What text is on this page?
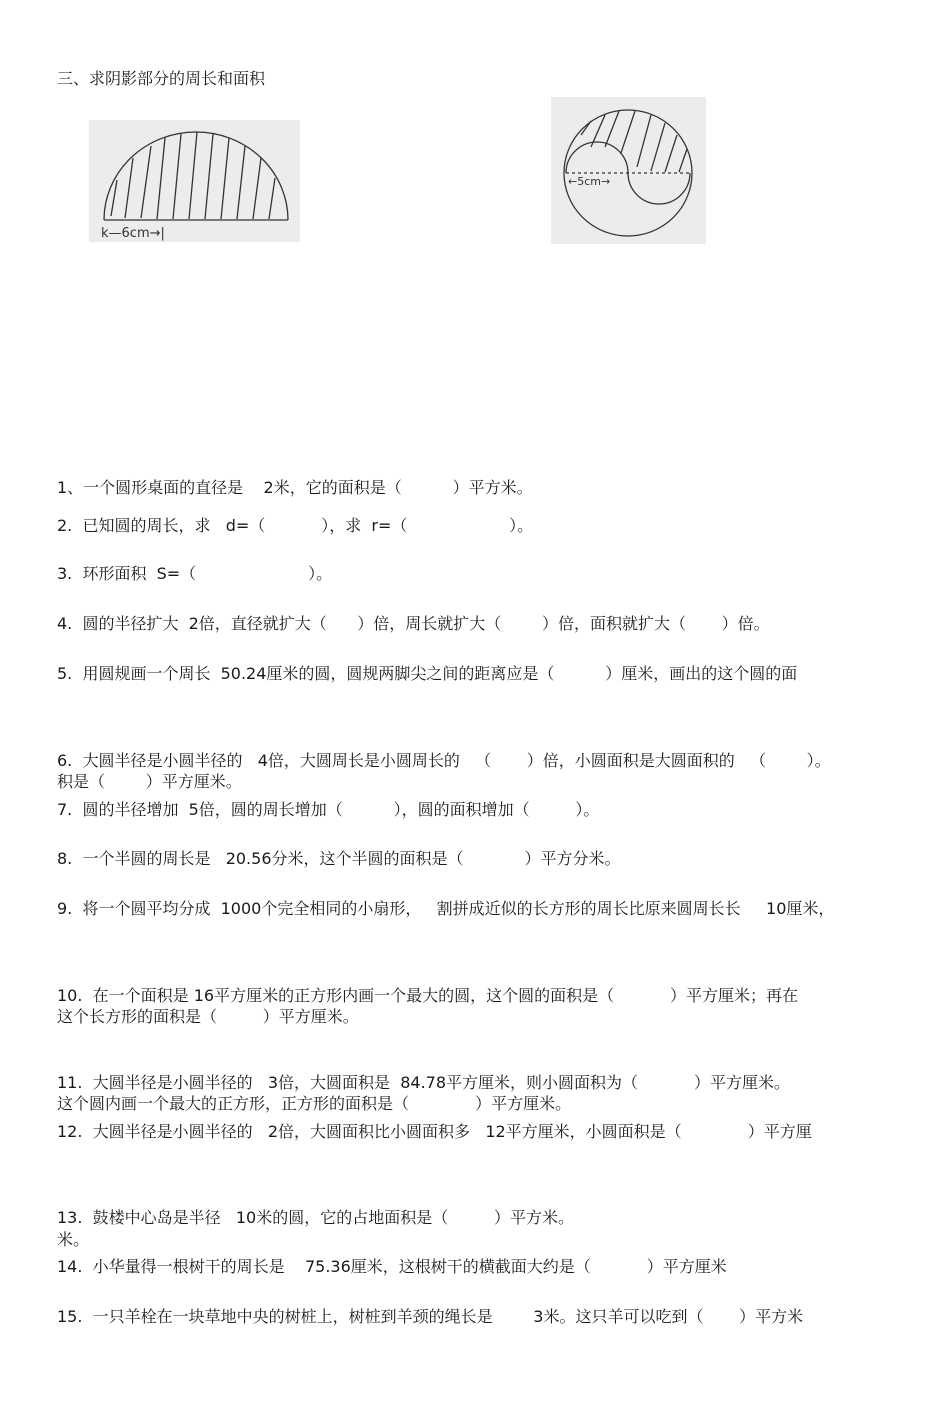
三、求阴影部分的周长和面积
k—6cm→|
←5cm→

1、一个圆形桌面的直径是    2米，它的面积是（          ）平方米。

2.  已知圆的周长，求   d=（           ），求  r=（                    ）。

3.  环形面积  S=（                      ）。

4.  圆的半径扩大  2倍，直径就扩大（      ）倍，周长就扩大（        ）倍，面积就扩大（       ）倍。

5.  用圆规画一个周长  50.24厘米的圆，圆规两脚尖之间的距离应是（          ）厘米，画出的这个圆的面

积是（        ）平方厘米。

6.  大圆半径是小圆半径的   4倍，大圆周长是小圆周长的   （       ）倍，小圆面积是大圆面积的   （        ）。

7.  圆的半径增加  5倍，圆的周长增加（          ），圆的面积增加（         ）。

8.  一个半圆的周长是   20.56分米，这个半圆的面积是（            ）平方分米。

9.  将一个圆平均分成  1000个完全相同的小扇形，   割拼成近似的长方形的周长比原来圆周长长     10厘米，

这个长方形的面积是（         ）平方厘米。

10.  在一个面积是 16平方厘米的正方形内画一个最大的圆，这个圆的面积是（           ）平方厘米；再在

这个圆内画一个最大的正方形，正方形的面积是（             ）平方厘米。

11.  大圆半径是小圆半径的   3倍，大圆面积是  84.78平方厘米，则小圆面积为（           ）平方厘米。

12.  大圆半径是小圆半径的   2倍，大圆面积比小圆面积多   12平方厘米，小圆面积是（             ）平方厘

米。

13.  鼓楼中心岛是半径   10米的圆，它的占地面积是（         ）平方米。

14.  小华量得一根树干的周长是    75.36厘米，这根树干的横截面大约是（           ）平方厘米

15.  一只羊栓在一块草地中央的树桩上，树桩到羊颈的绳长是        3米。这只羊可以吃到（       ）平方米
